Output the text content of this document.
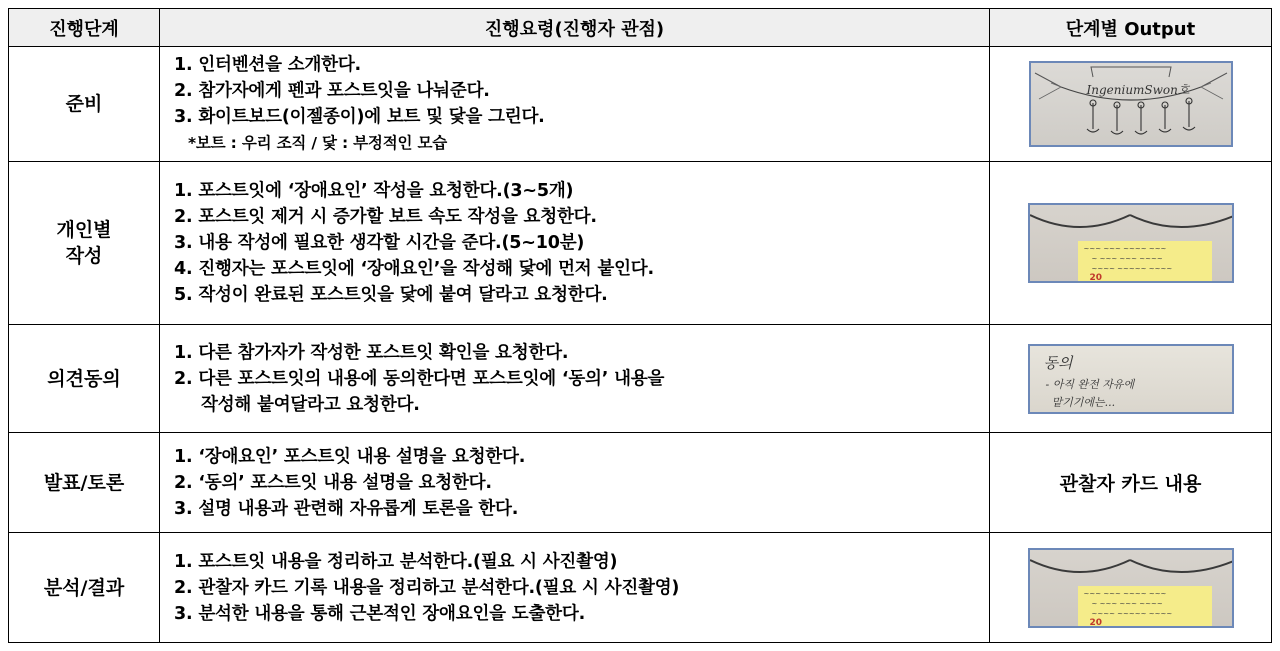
진행단계	진행요령(진행자 관점)	단계별 Output
준비
1. 인터벤션을 소개한다.
2. 참가자에게 펜과 포스트잇을 나눠준다.
3. 화이트보드(이젤종이)에 보트 및 닻을 그린다.
*보트 : 우리 조직 / 닻 : 부정적인 모습
IngeniumSwon호
개인별
작성
1. 포스트잇에 ‘장애요인’ 작성을 요청한다.(3~5개)
2. 포스트잇 제거 시 증가할 보트 속도 작성을 요청한다.
3. 내용 작성에 필요한 생각할 시간을 준다.(5~10분)
4. 진행자는 포스트잇에 ‘장애요인’을 작성해 닻에 먼저 붙인다.
5. 작성이 완료된 포스트잇을 닻에 붙여 달라고 요청한다.
~~~ ~~~ ~~~~ ~~~
~ ~~~ ~~~ ~~~~
~~~~ ~~~~~ ~~~~
20
의견동의
1. 다른 참가자가 작성한 포스트잇 확인을 요청한다.
2. 다른 포스트잇의 내용에 동의한다면 포스트잇에 ‘동의’ 내용을
작성해 붙여달라고 요청한다.
동의
- 아직 완전 자유에
맡기기에는...
발표/토론
1. ‘장애요인’ 포스트잇 내용 설명을 요청한다.
2. ‘동의’ 포스트잇 내용 설명을 요청한다.
3. 설명 내용과 관련해 자유롭게 토론을 한다.
관찰자 카드 내용
분석/결과
1. 포스트잇 내용을 정리하고 분석한다.(필요 시 사진촬영)
2. 관찰자 카드 기록 내용을 정리하고 분석한다.(필요 시 사진촬영)
3. 분석한 내용을 통해 근본적인 장애요인을 도출한다.
~~~ ~~~ ~~~~ ~~~
~ ~~~ ~~~ ~~~~
~~~~ ~~~~~ ~~~~
20
